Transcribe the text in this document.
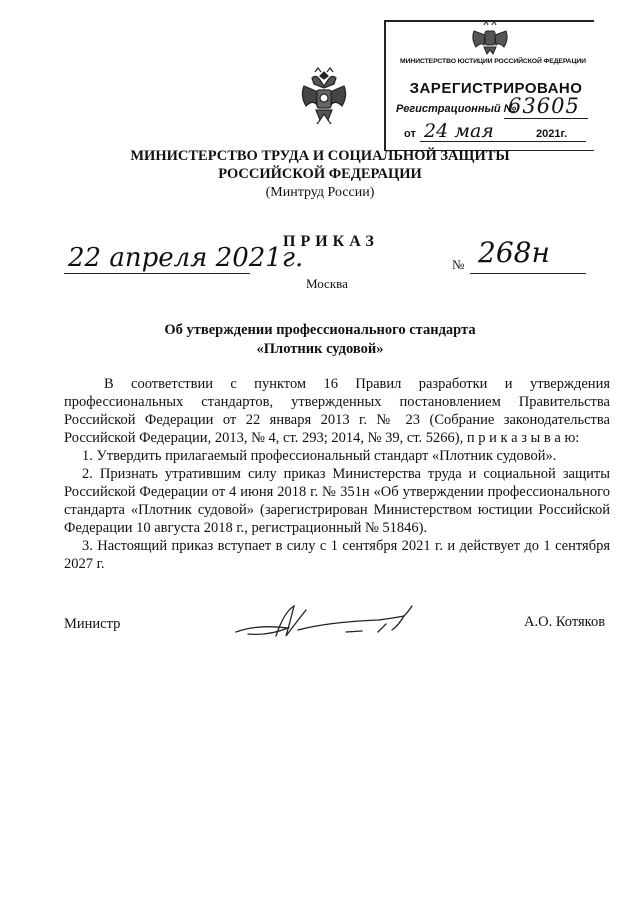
МИНИСТЕРСТВО ЮСТИЦИИ РОССИЙСКОЙ ФЕДЕРАЦИИ
ЗАРЕГИСТРИРОВАНО
Регистрационный №
63605
от 24 мая	2021г.
МИНИСТЕРСТВО ТРУДА И СОЦИАЛЬНОЙ ЗАЩИТЫ
РОССИЙСКОЙ ФЕДЕРАЦИИ
(Минтруд России)
ПРИКАЗ
22 апреля 2021г.	№ 268н
Москва
Об утверждении профессионального стандарта
«Плотник судовой»
В соответствии с пунктом 16 Правил разработки и утверждения профессиональных стандартов, утвержденных постановлением Правительства Российской Федерации от 22 января 2013 г. № 23 (Собрание законодательства Российской Федерации, 2013, № 4, ст. 293; 2014, № 39, ст. 5266), п р и к а з ы в а ю:
1. Утвердить прилагаемый профессиональный стандарт «Плотник судовой».
2. Признать утратившим силу приказ Министерства труда и социальной защиты Российской Федерации от 4 июня 2018 г. № 351н «Об утверждении профессионального стандарта «Плотник судовой» (зарегистрирован Министерством юстиции Российской Федерации 10 августа 2018 г., регистрационный № 51846).
3. Настоящий приказ вступает в силу с 1 сентября 2021 г. и действует до 1 сентября 2027 г.
Министр	А.О. Котяков
